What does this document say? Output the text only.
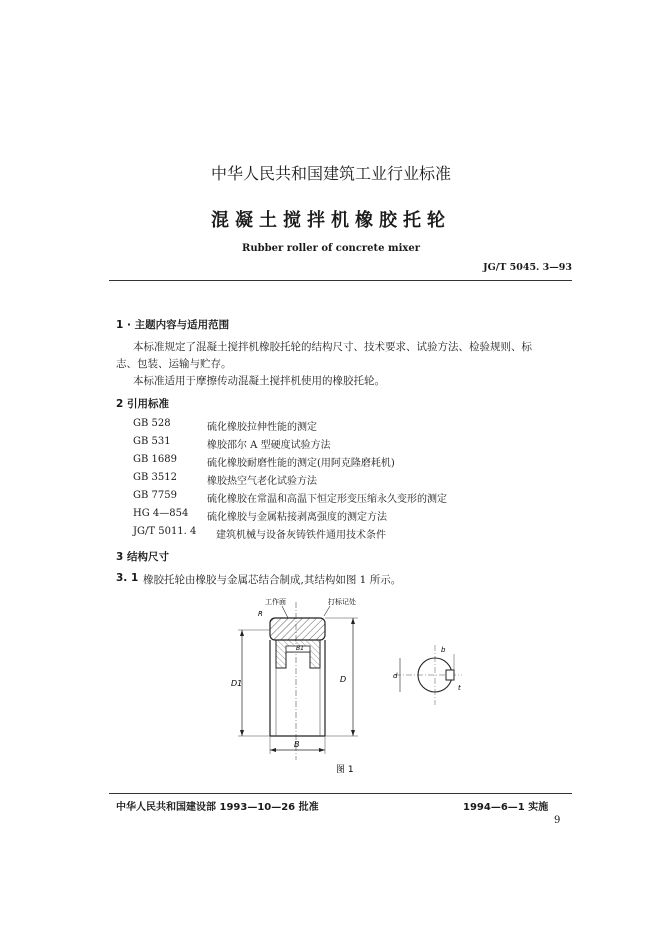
中华人民共和国建筑工业行业标准
混凝土搅拌机橡胶托轮
Rubber roller of concrete mixer
JG/T 5045. 3—93
1 · 主题内容与适用范围
本标准规定了混凝土搅拌机橡胶托轮的结构尺寸、技术要求、试验方法、检验规则、标
志、包装、运输与贮存。
本标准适用于摩擦传动混凝土搅拌机使用的橡胶托轮。
2 引用标准
GB 528	硫化橡胶拉伸性能的测定
GB 531	橡胶邵尔 A 型硬度试验方法
GB 1689	硫化橡胶耐磨性能的测定(用阿克隆磨耗机)
GB 3512	橡胶热空气老化试验方法
GB 7759	硫化橡胶在常温和高温下恒定形变压缩永久变形的测定
HG 4—854 硫化橡胶与金属粘接剥离强度的测定方法
JG/T 5011. 4 建筑机械与设备灰铸铁件通用技术条件
3 结构尺寸
3. 1 橡胶托轮由橡胶与金属芯结合制成,其结构如图 1 所示。
工作面	打标记处
R
B1
D1	D
B
b
d
t
图 1
中华人民共和国建设部 1993—10—26 批准	1994—6—1 实施
9
